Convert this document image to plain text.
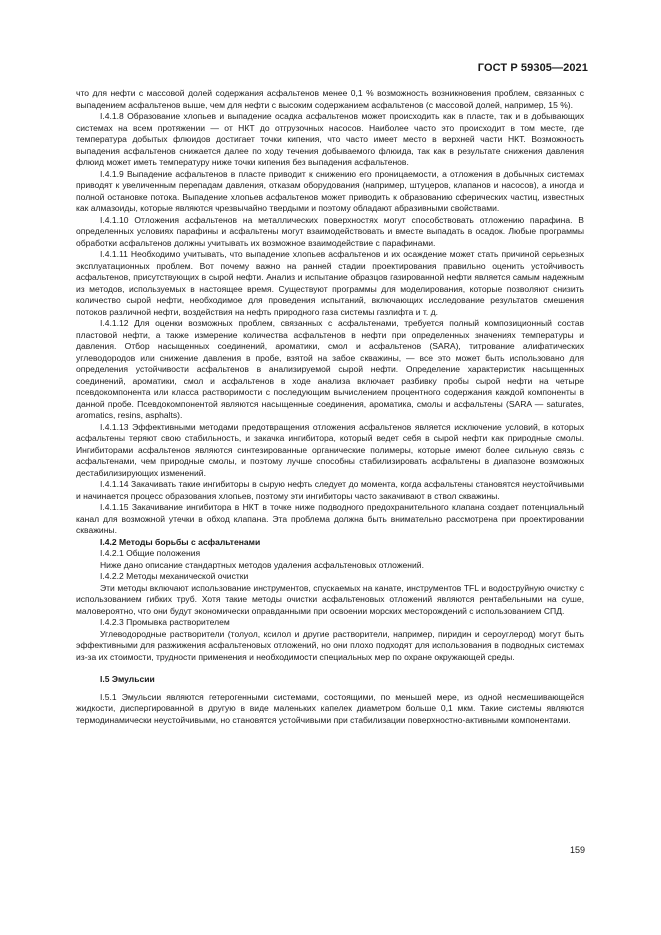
ГОСТ Р 59305—2021

что для нефти с массовой долей содержания асфальтенов менее 0,1 % возможность возникновения проблем, связанных с выпадением асфальтенов выше, чем для нефти с высоким содержанием асфальтенов (с массовой долей, например, 15 %).

I.4.1.8 Образование хлопьев и выпадение осадка асфальтенов может происходить как в пласте, так и в добывающих системах на всем протяжении — от НКТ до отгрузочных насосов. Наиболее часто это происходит в том месте, где температура добытых флюидов достигает точки кипения, что часто имеет место в верхней части НКТ. Возможность выпадения асфальтенов снижается далее по ходу течения добываемого флюида, так как в результате снижения давления флюид может иметь температуру ниже точки кипения без выпадения асфальтенов.

I.4.1.9 Выпадение асфальтенов в пласте приводит к снижению его проницаемости, а отложения в добычных системах приводят к увеличенным перепадам давления, отказам оборудования (например, штуцеров, клапанов и насосов), а иногда и полной остановке потока. Выпадение хлопьев асфальтенов может приводить к образованию сферических частиц, известных как алмазоиды, которые являются чрезвычайно твердыми и поэтому обладают абразивными свойствами.

I.4.1.10 Отложения асфальтенов на металлических поверхностях могут способствовать отложению парафина. В определенных условиях парафины и асфальтены могут взаимодействовать и вместе выпадать в осадок. Любые программы обработки асфальтенов должны учитывать их возможное взаимодействие с парафинами.

I.4.1.11 Необходимо учитывать, что выпадение хлопьев асфальтенов и их осаждение может стать причиной серьезных эксплуатационных проблем. Вот почему важно на ранней стадии проектирования правильно оценить устойчивость асфальтенов, присутствующих в сырой нефти. Анализ и испытание образцов газированной нефти является самым надежным из методов, используемых в настоящее время. Существуют программы для моделирования, которые позволяют снизить количество сырой нефти, необходимое для проведения испытаний, включающих исследование результатов смешения потоков различной нефти, воздействия на нефть природного газа системы газлифта и т. д.

I.4.1.12 Для оценки возможных проблем, связанных с асфальтенами, требуется полный композиционный состав пластовой нефти, а также измерение количества асфальтенов в нефти при определенных значениях температуры и давления. Отбор насыщенных соединений, ароматики, смол и асфальтенов (SARA), титрование алифатических углеводородов или снижение давления в пробе, взятой на забое скважины, — все это может быть использовано для определения устойчивости асфальтенов в анализируемой сырой нефти. Определение характеристик насыщенных соединений, ароматики, смол и асфальтенов в ходе анализа включает разбивку пробы сырой нефти на четыре псевдокомпонента или класса растворимости с последующим вычислением процентного содержания каждой компоненты в данной пробе. Псевдокомпонентой являются насыщенные соединения, ароматика, смолы и асфальтены (SARA — saturates, aromatics, resins, asphalts).

I.4.1.13 Эффективными методами предотвращения отложения асфальтенов является исключение условий, в которых асфальтены теряют свою стабильность, и закачка ингибитора, который ведет себя в сырой нефти как природные смолы. Ингибиторами асфальтенов являются синтезированные органические полимеры, которые имеют более сильную связь с асфальтенами, чем природные смолы, и поэтому лучше способны стабилизировать асфальтены в диапазоне возможных дестабилизирующих изменений.

I.4.1.14 Закачивать такие ингибиторы в сырую нефть следует до момента, когда асфальтены становятся неустойчивыми и начинается процесс образования хлопьев, поэтому эти ингибиторы часто закачивают в ствол скважины.

I.4.1.15 Закачивание ингибитора в НКТ в точке ниже подводного предохранительного клапана создает потенциальный канал для возможной утечки в обход клапана. Эта проблема должна быть внимательно рассмотрена при проектировании скважины.

I.4.2 Методы борьбы с асфальтенами

I.4.2.1 Общие положения

Ниже дано описание стандартных методов удаления асфальтеновых отложений.

I.4.2.2 Методы механической очистки

Эти методы включают использование инструментов, спускаемых на канате, инструментов TFL и водоструйную очистку с использованием гибких труб. Хотя такие методы очистки асфальтеновых отложений являются рентабельными на суше, маловероятно, что они будут экономически оправданными при освоении морских месторождений с использованием СПД.

I.4.2.3 Промывка растворителем

Углеводородные растворители (толуол, ксилол и другие растворители, например, пиридин и сероуглерод) могут быть эффективными для разжижения асфальтеновых отложений, но они плохо подходят для использования в подводных системах из-за их стоимости, трудности применения и необходимости специальных мер по охране окружающей среды.

I.5 Эмульсии

I.5.1 Эмульсии являются гетерогенными системами, состоящими, по меньшей мере, из одной несмешивающейся жидкости, диспергированной в другую в виде маленьких капелек диаметром больше 0,1 мкм. Такие системы являются термодинамически неустойчивыми, но становятся устойчивыми при стабилизации поверхностно-активными компонентами.

159
